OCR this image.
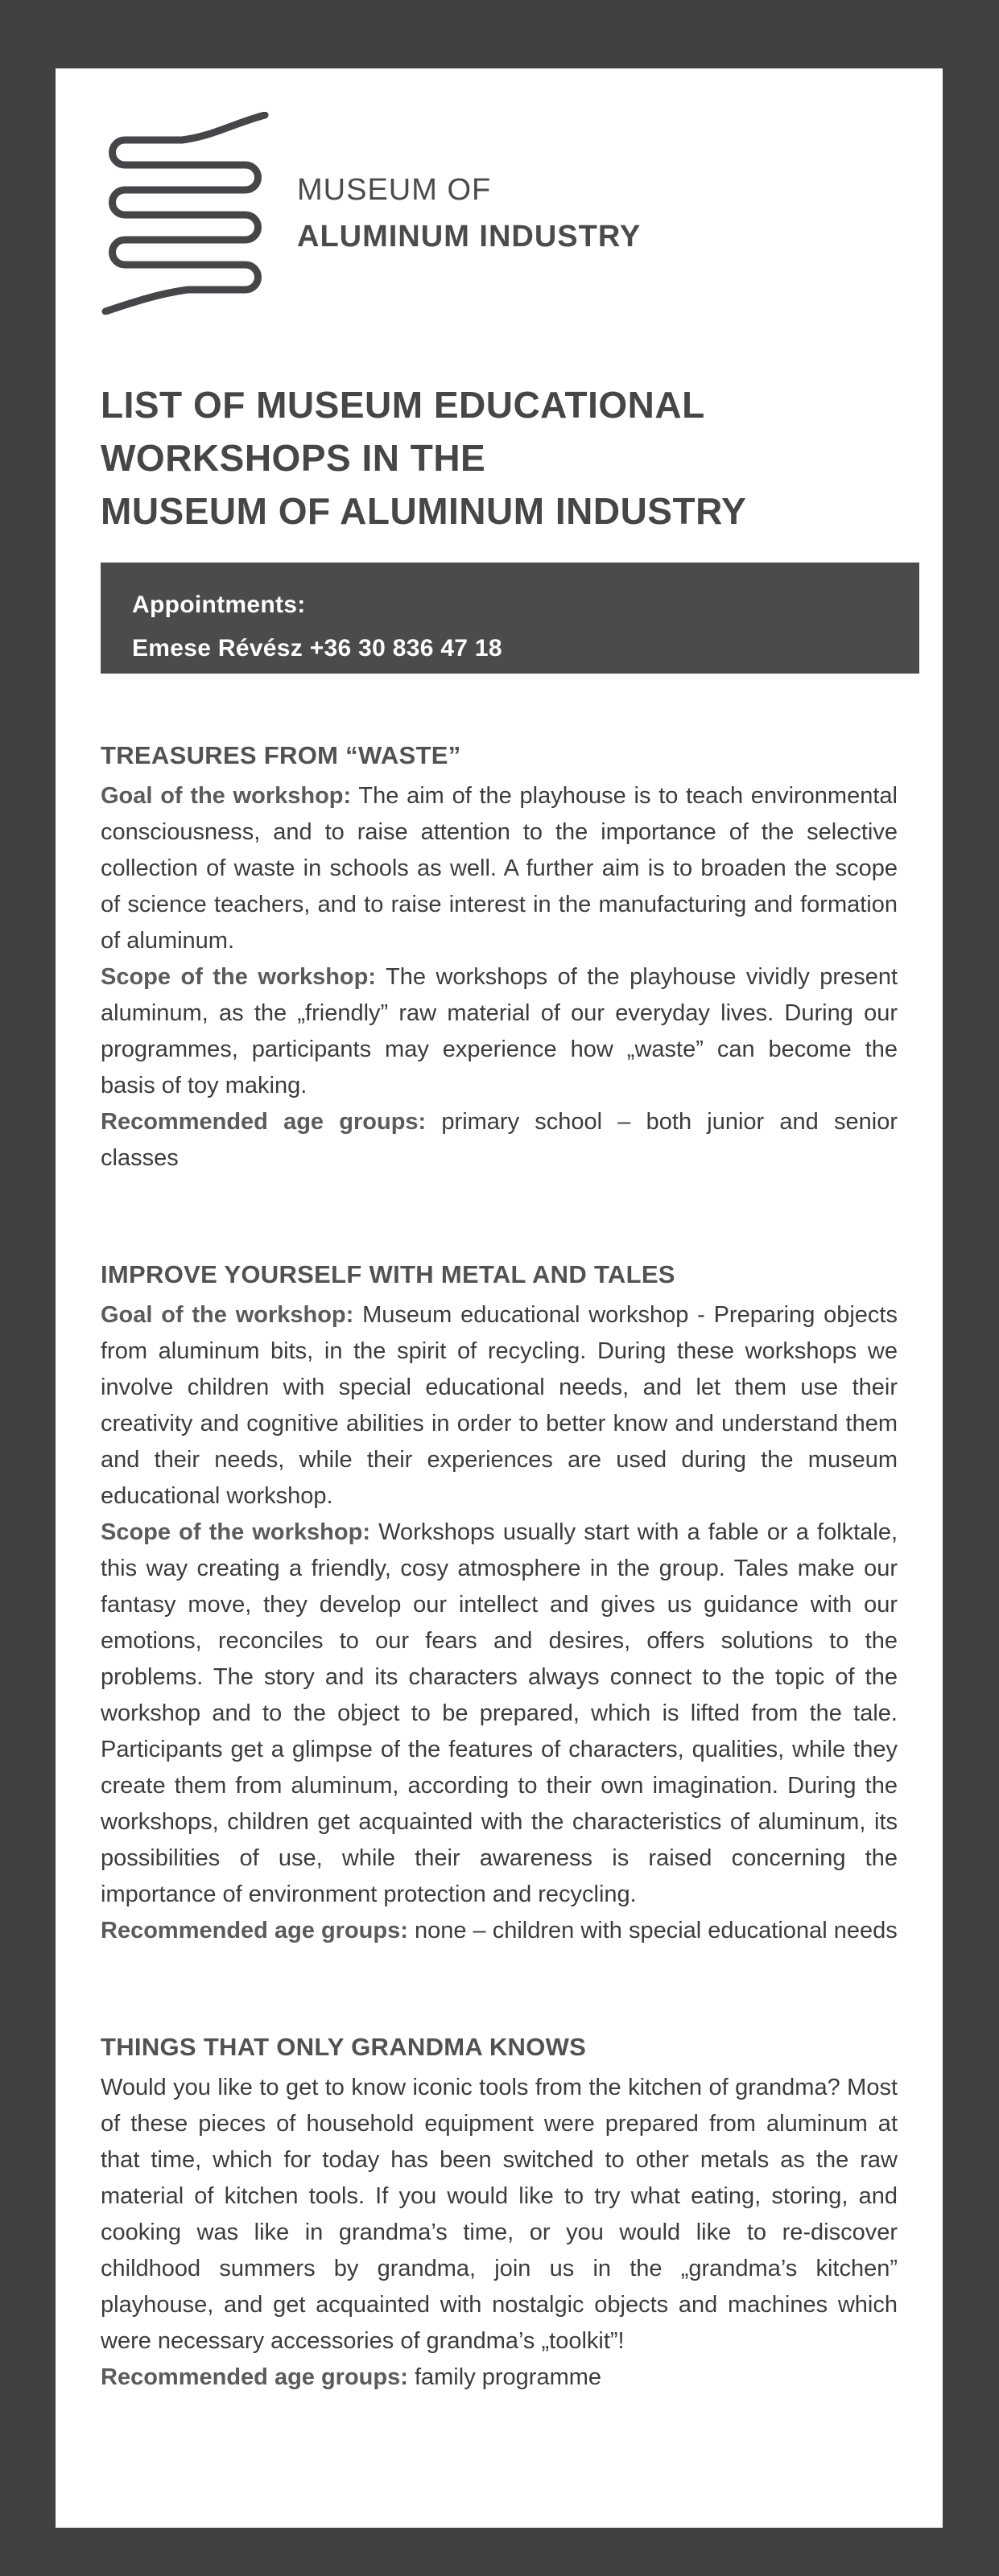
MUSEUM OF
ALUMINUM INDUSTRY
LIST OF MUSEUM EDUCATIONAL
WORKSHOPS IN THE
MUSEUM OF ALUMINUM INDUSTRY
Appointments:
Emese Révész +36 30 836 47 18
TREASURES FROM “WASTE”

Goal of the workshop: The aim of the playhouse is to teach environmental consciousness, and to raise attention to the importance of the selective collection of waste in schools as well. A further aim is to broaden the scope of science teachers, and to raise interest in the manufacturing and formation of aluminum.

Scope of the workshop: The workshops of the playhouse vividly present aluminum, as the „friendly” raw material of our everyday lives. During our programmes, participants may experience how „waste” can become the basis of toy making.

Recommended age groups: primary school – both junior and senior classes

IMPROVE YOURSELF WITH METAL AND TALES

Goal of the workshop: Museum educational workshop - Preparing objects from aluminum bits, in the spirit of recycling. During these workshops we involve children with special educational needs, and let them use their creativity and cognitive abilities in order to better know and understand them and their needs, while their experiences are used during the museum educational workshop.

Scope of the workshop: Workshops usually start with a fable or a folktale, this way creating a friendly, cosy atmosphere in the group. Tales make our fantasy move, they develop our intellect and gives us guidance with our emotions, reconciles to our fears and desires, offers solutions to the problems. The story and its characters always connect to the topic of the workshop and to the object to be prepared, which is lifted from the tale. Participants get a glimpse of the features of characters, qualities, while they create them from aluminum, according to their own imagination. During the workshops, children get acquainted with the characteristics of aluminum, its possibilities of use, while their awareness is raised concerning the importance of environment protection and recycling.

Recommended age groups: none – children with special educational needs

THINGS THAT ONLY GRANDMA KNOWS

Would you like to get to know iconic tools from the kitchen of grandma? Most of these pieces of household equipment were prepared from aluminum at that time, which for today has been switched to other metals as the raw material of kitchen tools. If you would like to try what eating, storing, and cooking was like in grandma’s time, or you would like to re-discover childhood summers by grandma, join us in the „grandma’s kitchen” playhouse, and get acquainted with nostalgic objects and machines which were necessary accessories of grandma’s „toolkit”!

Recommended age groups: family programme
